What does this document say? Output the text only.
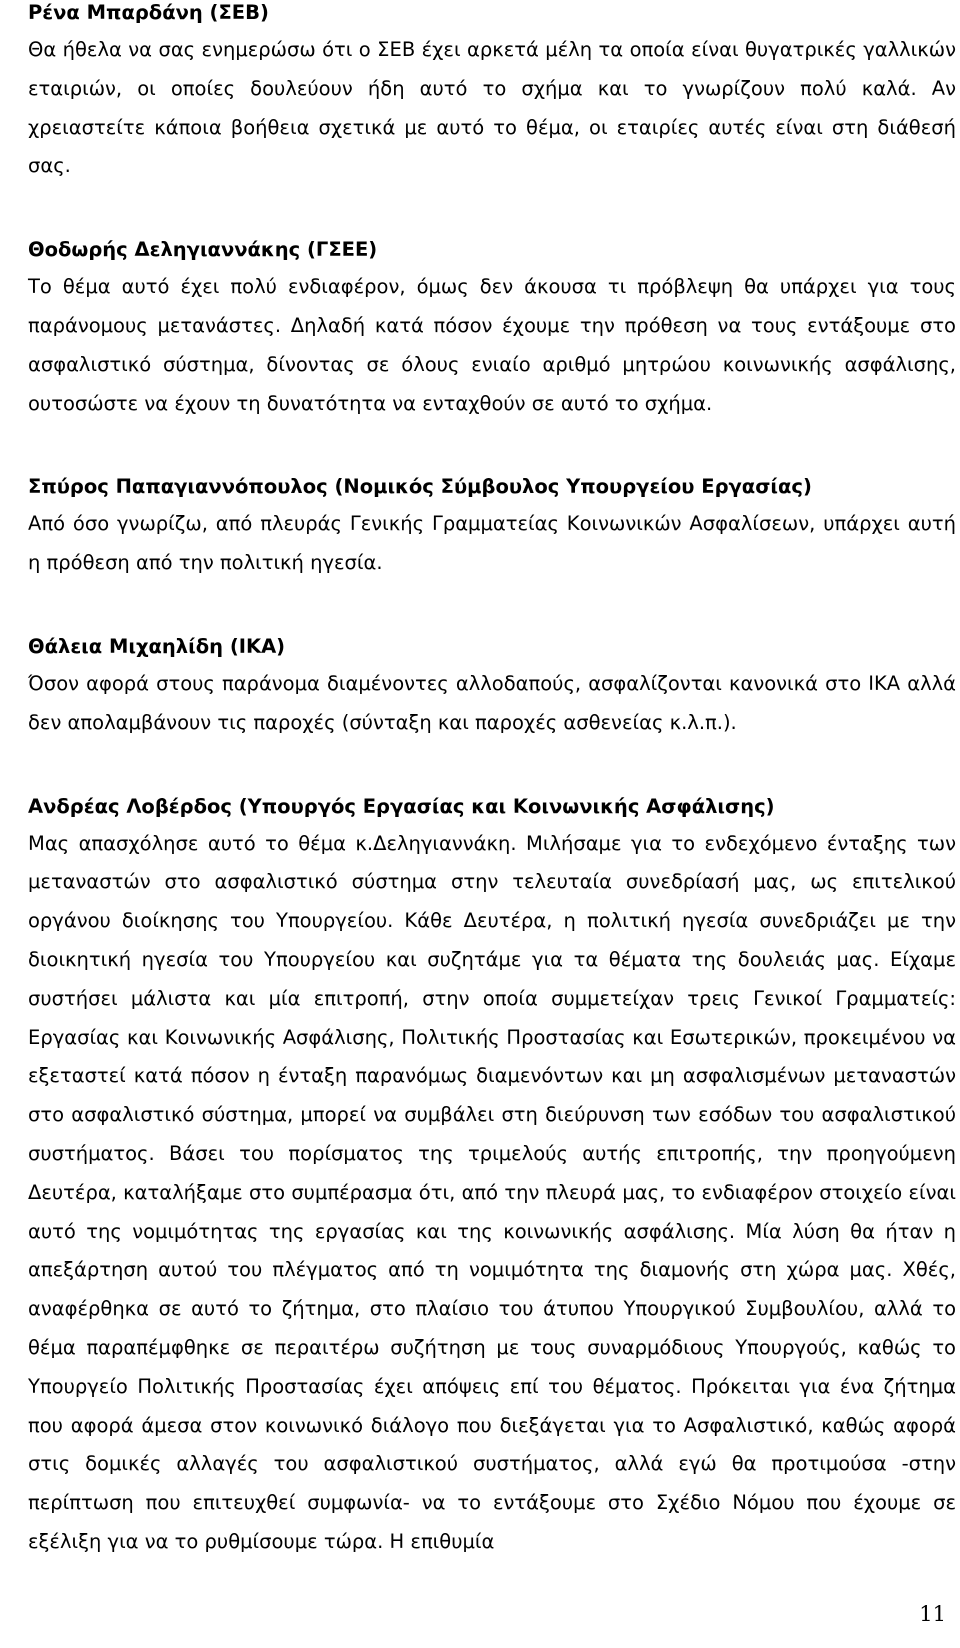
Ρένα Μπαρδάνη (ΣΕΒ)

Θα ήθελα να σας ενημερώσω ότι ο ΣΕΒ έχει αρκετά μέλη τα οποία είναι θυγατρικές γαλλικών εταιριών, οι οποίες δουλεύουν ήδη αυτό το σχήμα και το γνωρίζουν πολύ καλά. Αν χρειαστείτε κάποια βοήθεια σχετικά με αυτό το θέμα, οι εταιρίες αυτές είναι στη διάθεσή σας.

Θοδωρής Δεληγιαννάκης (ΓΣΕΕ)

Το θέμα αυτό έχει πολύ ενδιαφέρον, όμως δεν άκουσα τι πρόβλεψη θα υπάρχει για τους παράνομους μετανάστες. Δηλαδή κατά πόσον έχουμε την πρόθεση να τους εντάξουμε στο ασφαλιστικό σύστημα, δίνοντας σε όλους ενιαίο αριθμό μητρώου κοινωνικής ασφάλισης, ουτοσώστε να έχουν τη δυνατότητα να ενταχθούν σε αυτό το σχήμα.

Σπύρος Παπαγιαννόπουλος (Νομικός Σύμβουλος Υπουργείου Εργασίας)

Από όσο γνωρίζω, από πλευράς Γενικής Γραμματείας Κοινωνικών Ασφαλίσεων, υπάρχει αυτή η πρόθεση από την πολιτική ηγεσία.

Θάλεια Μιχαηλίδη (ΙΚΑ)

Όσον αφορά στους παράνομα διαμένοντες αλλοδαπούς, ασφαλίζονται κανονικά στο ΙΚΑ αλλά δεν απολαμβάνουν τις παροχές (σύνταξη και παροχές ασθενείας κ.λ.π.).

Ανδρέας Λοβέρδος (Υπουργός Εργασίας και Κοινωνικής Ασφάλισης)

Μας απασχόλησε αυτό το θέμα κ.Δεληγιαννάκη. Μιλήσαμε για το ενδεχόμενο ένταξης των μεταναστών στο ασφαλιστικό σύστημα στην τελευταία συνεδρίασή μας, ως επιτελικού οργάνου διοίκησης του Υπουργείου. Κάθε Δευτέρα, η πολιτική ηγεσία συνεδριάζει με την διοικητική ηγεσία του Υπουργείου και συζητάμε για τα θέματα της δουλειάς μας. Είχαμε συστήσει μάλιστα και μία επιτροπή, στην οποία συμμετείχαν τρεις Γενικοί Γραμματείς: Εργασίας και Κοινωνικής Ασφάλισης, Πολιτικής Προστασίας και Εσωτερικών, προκειμένου να εξεταστεί κατά πόσον η ένταξη παρανόμως διαμενόντων και μη ασφαλισμένων μεταναστών στο ασφαλιστικό σύστημα, μπορεί να συμβάλει στη διεύρυνση των εσόδων του ασφαλιστικού συστήματος. Βάσει του πορίσματος της τριμελούς αυτής επιτροπής, την προηγούμενη Δευτέρα, καταλήξαμε στο συμπέρασμα ότι, από την πλευρά μας, το ενδιαφέρον στοιχείο είναι αυτό της νομιμότητας της εργασίας και της κοινωνικής ασφάλισης. Μία λύση θα ήταν η απεξάρτηση αυτού του πλέγματος από τη νομιμότητα της διαμονής στη χώρα μας. Χθές, αναφέρθηκα σε αυτό το ζήτημα, στο πλαίσιο του άτυπου Υπουργικού Συμβουλίου, αλλά το θέμα παραπέμφθηκε σε περαιτέρω συζήτηση με τους συναρμόδιους Υπουργούς, καθώς το Υπουργείο Πολιτικής Προστασίας έχει απόψεις επί του θέματος. Πρόκειται για ένα ζήτημα που αφορά άμεσα στον κοινωνικό διάλογο που διεξάγεται για το Ασφαλιστικό, καθώς αφορά στις δομικές αλλαγές του ασφαλιστικού συστήματος, αλλά εγώ θα προτιμούσα -στην περίπτωση που επιτευχθεί συμφωνία- να το εντάξουμε στο Σχέδιο Νόμου που έχουμε σε εξέλιξη για να το ρυθμίσουμε τώρα. Η επιθυμία

11
